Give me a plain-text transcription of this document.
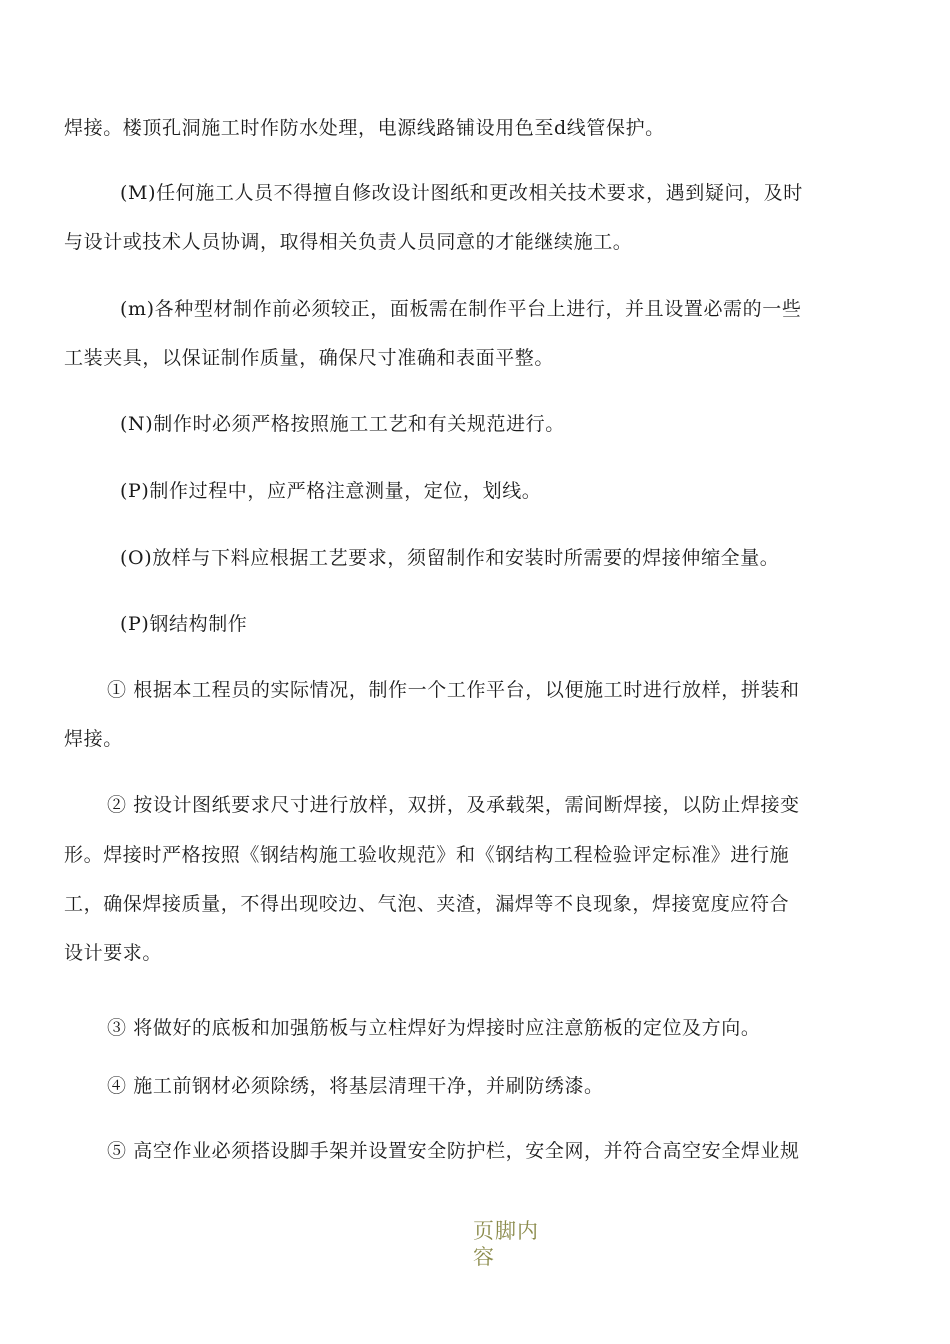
焊接。楼顶孔洞施工时作防水处理，电源线路铺设用色至d线管保护。
(M)任何施工人员不得擅自修改设计图纸和更改相关技术要求，遇到疑问，及时
与设计或技术人员协调，取得相关负责人员同意的才能继续施工。
(m)各种型材制作前必须较正，面板需在制作平台上进行，并且设置必需的一些
工装夹具，以保证制作质量，确保尺寸准确和表面平整。
(N)制作时必须严格按照施工工艺和有关规范进行。
(P)制作过程中，应严格注意测量，定位，划线。
(O)放样与下料应根据工艺要求，须留制作和安装时所需要的焊接伸缩全量。
(P)钢结构制作
① 根据本工程员的实际情况，制作一个工作平台，以便施工时进行放样，拼装和
焊接。
② 按设计图纸要求尺寸进行放样，双拼，及承载架，需间断焊接，以防止焊接变
形。焊接时严格按照《钢结构施工验收规范》和《钢结构工程检验评定标准》进行施
工，确保焊接质量，不得出现咬边、气泡、夹渣，漏焊等不良现象，焊接宽度应符合
设计要求。
③ 将做好的底板和加强筋板与立柱焊好为焊接时应注意筋板的定位及方向。
④ 施工前钢材必须除绣，将基层清理干净，并刷防绣漆。
⑤ 高空作业必须搭设脚手架并设置安全防护栏，安全网，并符合高空安全焊业规
页脚内
容
